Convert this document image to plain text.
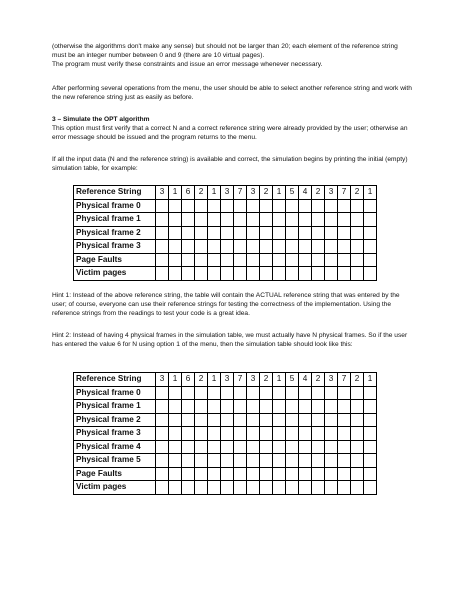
(otherwise the algorithms don't make any sense) but should not be larger than 20; each element of the reference string must be an integer number between 0 and 9 (there are 10 virtual pages).
The program must verify these constraints and issue an error message whenever necessary.

After performing several operations from the menu, the user should be able to select another reference string and work with the new reference string just as easily as before.

3 – Simulate the OPT algorithm

This option must first verify that a correct N and a correct reference string were already provided by the user; otherwise an error message should be issued and the program returns to the menu.

If all the input data (N and the reference string) is available and correct, the simulation begins by printing the initial (empty) simulation table, for example:

Reference String	3	1	6	2	1	3	7	3	2	1	5	4	2	3	7	2	1
Physical frame 0																	
Physical frame 1																	
Physical frame 2																	
Physical frame 3																	
Page Faults																	
Victim pages																	

Hint 1: Instead of the above reference string, the table will contain the ACTUAL reference string that was entered by the user; of course, everyone can use their reference strings for testing the correctness of the implementation. Using the reference strings from the readings to test your code is a great idea.

Hint 2: Instead of having 4 physical frames in the simulation table, we must actually have N physical frames. So if the user has entered the value 6 for N using option 1 of the menu, then the simulation table should look like this:

Reference String	3	1	6	2	1	3	7	3	2	1	5	4	2	3	7	2	1
Physical frame 0																	
Physical frame 1																	
Physical frame 2																	
Physical frame 3																	
Physical frame 4																	
Physical frame 5																	
Page Faults																	
Victim pages																	
